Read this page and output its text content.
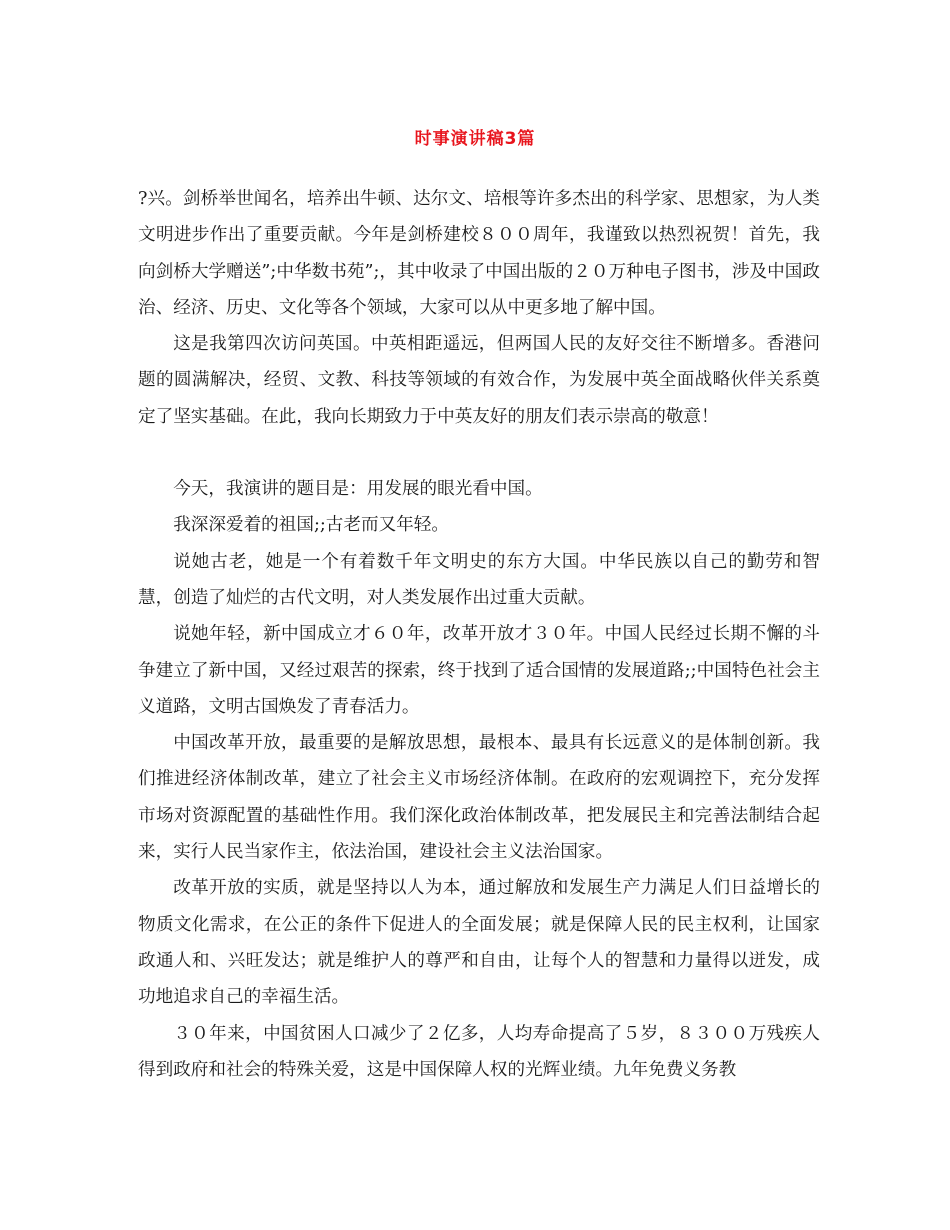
时事演讲稿3篇

?兴。剑桥举世闻名，培养出牛顿、达尔文、培根等许多杰出的科学家、思想家，为人类文明进步作出了重要贡献。今年是剑桥建校８００周年，我谨致以热烈祝贺！首先，我向剑桥大学赠送”;中华数书苑”;，其中收录了中国出版的２０万种电子图书，涉及中国政治、经济、历史、文化等各个领域，大家可以从中更多地了解中国。

这是我第四次访问英国。中英相距遥远，但两国人民的友好交往不断增多。香港问题的圆满解决，经贸、文教、科技等领域的有效合作，为发展中英全面战略伙伴关系奠定了坚实基础。在此，我向长期致力于中英友好的朋友们表示崇高的敬意！

今天，我演讲的题目是：用发展的眼光看中国。

我深深爱着的祖国;;古老而又年轻。

说她古老，她是一个有着数千年文明史的东方大国。中华民族以自己的勤劳和智慧，创造了灿烂的古代文明，对人类发展作出过重大贡献。

说她年轻，新中国成立才６０年，改革开放才３０年。中国人民经过长期不懈的斗争建立了新中国，又经过艰苦的探索，终于找到了适合国情的发展道路;;中国特色社会主义道路，文明古国焕发了青春活力。

中国改革开放，最重要的是解放思想，最根本、最具有长远意义的是体制创新。我们推进经济体制改革，建立了社会主义市场经济体制。在政府的宏观调控下，充分发挥市场对资源配置的基础性作用。我们深化政治体制改革，把发展民主和完善法制结合起来，实行人民当家作主，依法治国，建设社会主义法治国家。

改革开放的实质，就是坚持以人为本，通过解放和发展生产力满足人们日益增长的物质文化需求，在公正的条件下促进人的全面发展；就是保障人民的民主权利，让国家政通人和、兴旺发达；就是维护人的尊严和自由，让每个人的智慧和力量得以迸发，成功地追求自己的幸福生活。

３０年来，中国贫困人口减少了２亿多，人均寿命提高了５岁，８３００万残疾人得到政府和社会的特殊关爱，这是中国保障人权的光辉业绩。九年免费义务教
